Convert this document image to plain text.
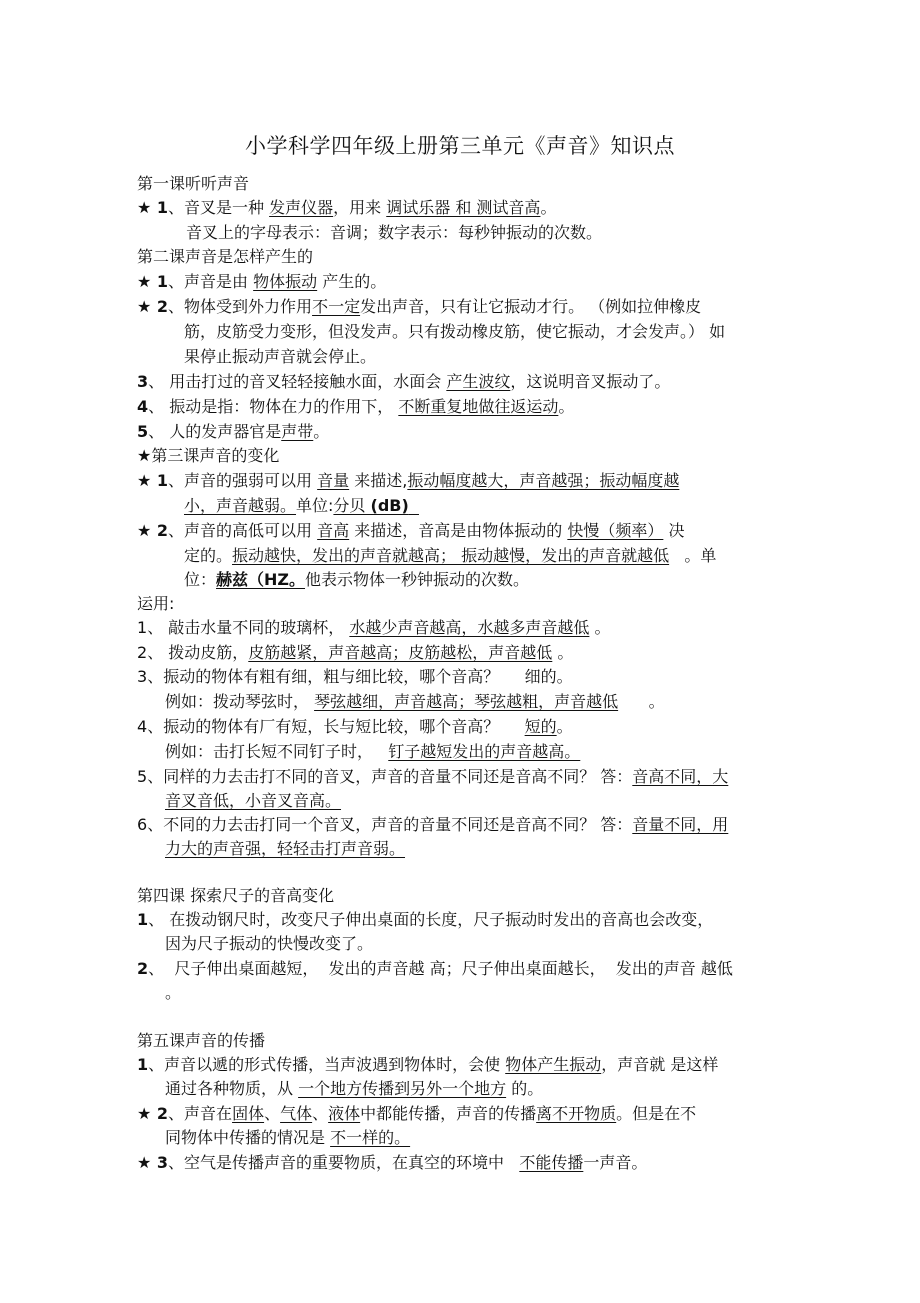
小学科学四年级上册第三单元《声音》知识点
第一课听听声音
★ 1、音叉是一种 发声仪器，用来 调试乐器 和 测试音高。
音叉上的字母表示：音调；数字表示：每秒钟振动的次数。
第二课声音是怎样产生的
★ 1、声音是由 物体振动 产生的。
★ 2、物体受到外力作用不一定发出声音，只有让它振动才行。 （例如拉伸橡皮
筋，皮筋受力变形，但没发声。只有拨动橡皮筋，使它振动，才会发声。） 如
果停止振动声音就会停止。
3、 用击打过的音叉轻轻接触水面，水面会 产生波纹，这说明音叉振动了。
4、 振动是指：物体在力的作用下， 不断重复地做往返运动。
5、 人的发声器官是声带。
★第三课声音的变化
★ 1、声音的强弱可以用 音量 来描述,振动幅度越大，声音越强；振动幅度越
小，声音越弱。单位:分贝 (dB)
★ 2、声音的高低可以用 音高 来描述，音高是由物体振动的 快慢（频率） 决
定的。振动越快，发出的声音就越高； 振动越慢，发出的声音就越低   。单
位：赫兹（HZ。他表示物体一秒钟振动的次数。
运用:
1、 敲击水量不同的玻璃杯， 水越少声音越高，水越多声音越低 。
2、 拨动皮筋，皮筋越紧，声音越高；皮筋越松，声音越低 。
3、振动的物体有粗有细，粗与细比较，哪个音高？     细的。
例如：拨动琴弦时， 琴弦越细，声音越高；琴弦越粗，声音越低      。
4、振动的物体有厂有短，长与短比较，哪个音高？     短的。
例如：击打长短不同钉子时，   钉子越短发出的声音越高。
5、同样的力去击打不同的音叉，声音的音量不同还是音高不同？ 答：音高不同，大
音叉音低，小音叉音高。
6、不同的力去击打同一个音叉，声音的音量不同还是音高不同？ 答：音量不同，用
力大的声音强，轻轻击打声音弱。
第四课 探索尺子的音高变化
1、 在拨动钢尺时，改变尺子伸出桌面的长度，尺子振动时发出的音高也会改变，
因为尺子振动的快慢改变了。
2、  尺子伸出桌面越短，  发出的声音越 高；尺子伸出桌面越长，  发出的声音 越低
。
第五课声音的传播
1、声音以遞的形式传播，当声波遇到物体时，会使 物体产生振动，声音就 是这样
通过各种物质，从 一个地方传播到另外一个地方 的。
★ 2、声音在固体、气体、液体中都能传播，声音的传播离不开物质。但是在不
同物体中传播的情况是 不一样的。
★ 3、空气是传播声音的重要物质，在真空的环境中   不能传播一声音。
